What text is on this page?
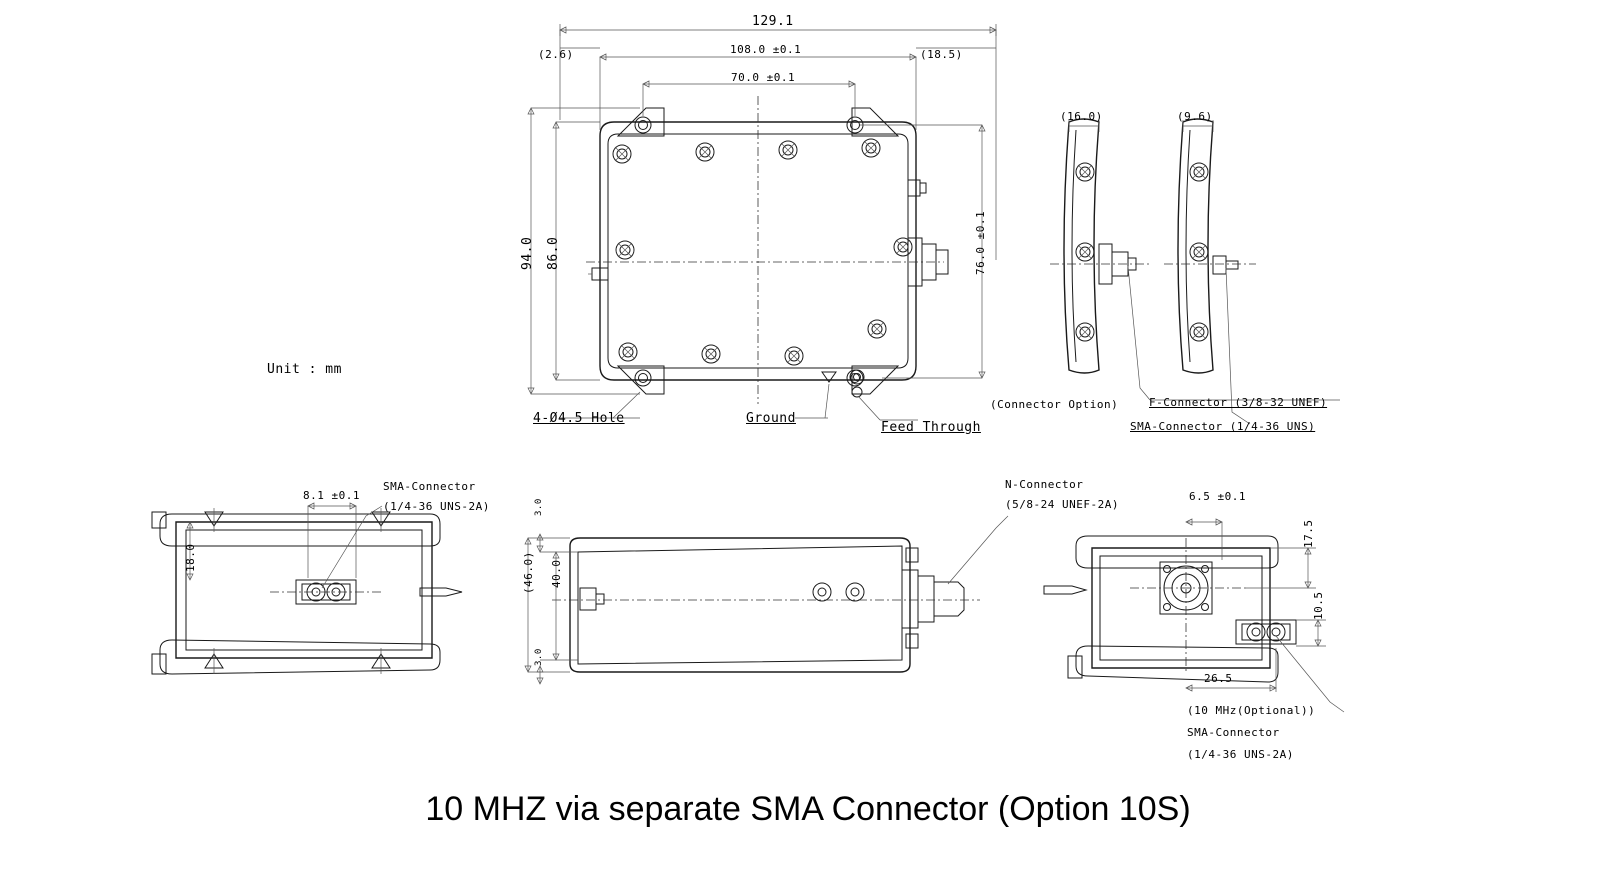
129.1
(2.6)	108.0 ±0.1	(18.5)
70.0 ±0.1
94.0 86.0	76.0 ±0.1
Unit : mm
4-Ø4.5 Hole	Ground
Feed Through
(16.0)	(9.6)
(Connector Option)	F-Connector (3/8-32 UNEF)
SMA-Connector (1/4-36 UNS)
SMA-Connector
(1/4-36 UNS-2A)
8.1 ±0.1
18.0
N-Connector
(5/8-24 UNEF-2A)
3.0
40.0
(46.0)
3.0
6.5 ±0.1
17.5
10.5
26.5
(10 MHz(Optional))
SMA-Connector
(1/4-36 UNS-2A)
10 MHZ via separate SMA Connector (Option 10S)
